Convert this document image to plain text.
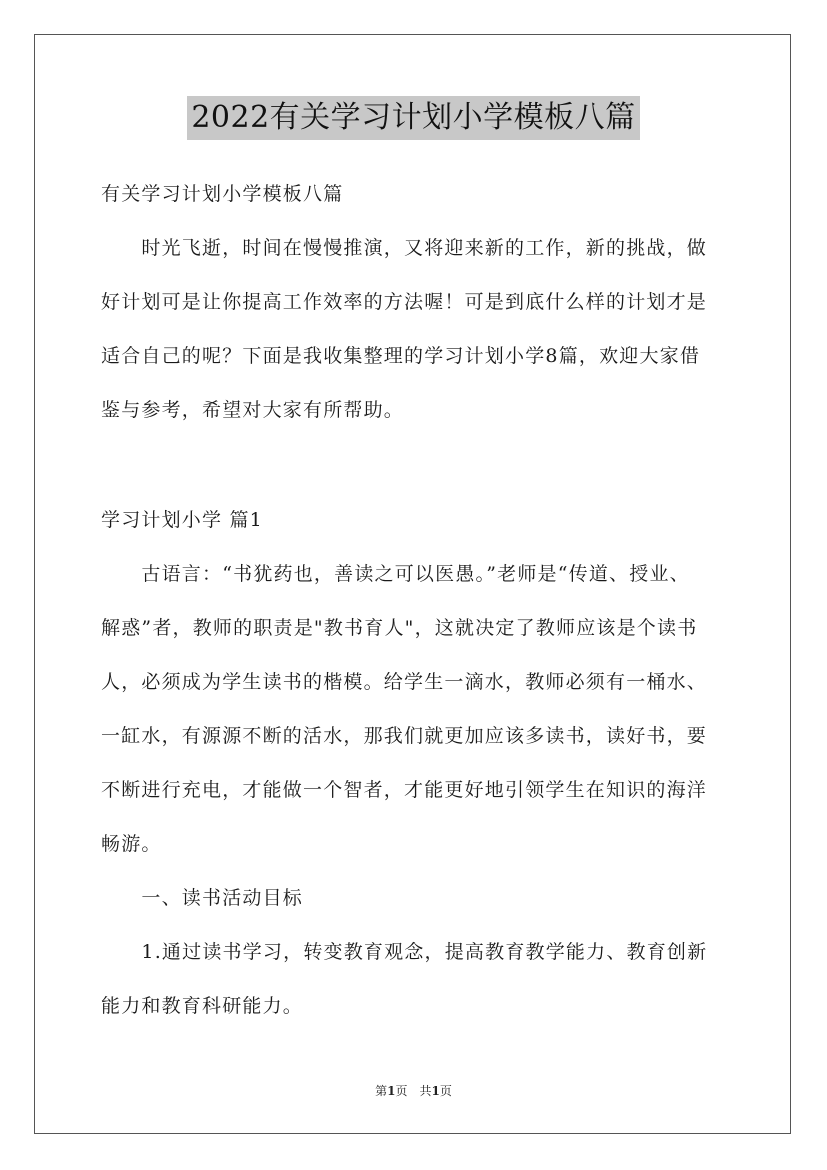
2022有关学习计划小学模板八篇
有关学习计划小学模板八篇
　　时光飞逝，时间在慢慢推演，又将迎来新的工作，新的挑战，做
好计划可是让你提高工作效率的方法喔！可是到底什么样的计划才是
适合自己的呢？下面是我收集整理的学习计划小学8篇，欢迎大家借
鉴与参考，希望对大家有所帮助。
学习计划小学 篇1
　　古语言：“书犹药也，善读之可以医愚。”老师是“传道、授业、
解惑”者，教师的职责是"教书育人"，这就决定了教师应该是个读书
人，必须成为学生读书的楷模。给学生一滴水，教师必须有一桶水、
一缸水，有源源不断的活水，那我们就更加应该多读书，读好书，要
不断进行充电，才能做一个智者，才能更好地引领学生在知识的海洋
畅游。
　　一、读书活动目标
　　1.通过读书学习，转变教育观念，提高教育教学能力、教育创新
能力和教育科研能力。
第1页　共1页
